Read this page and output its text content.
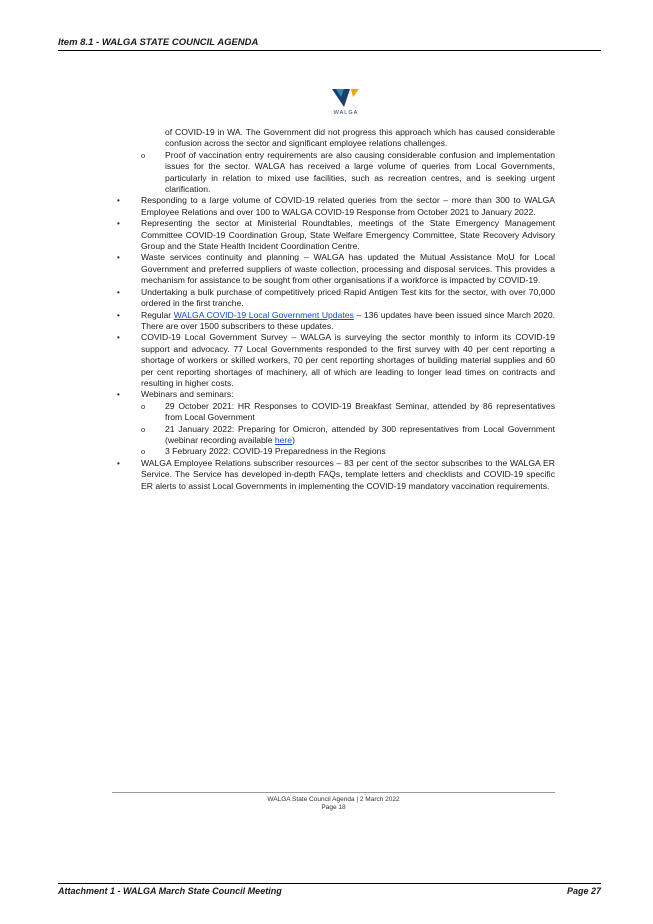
Item 8.1 - WALGA STATE COUNCIL AGENDA
WALGA
of COVID-19 in WA. The Government did not progress this approach which has caused considerable confusion across the sector and significant employee relations challenges.
o Proof of vaccination entry requirements are also causing considerable confusion and implementation issues for the sector. WALGA has received a large volume of queries from Local Governments, particularly in relation to mixed use facilities, such as recreation centres, and is seeking urgent clarification.
• Responding to a large volume of COVID-19 related queries from the sector – more than 300 to WALGA Employee Relations and over 100 to WALGA COVID-19 Response from October 2021 to January 2022.
• Representing the sector at Ministerial Roundtables, meetings of the State Emergency Management Committee COVID-19 Coordination Group, State Welfare Emergency Committee, State Recovery Advisory Group and the State Health Incident Coordination Centre.
• Waste services continuity and planning – WALGA has updated the Mutual Assistance MoU for Local Government and preferred suppliers of waste collection, processing and disposal services. This provides a mechanism for assistance to be sought from other organisations if a workforce is impacted by COVID-19.
• Undertaking a bulk purchase of competitively priced Rapid Antigen Test kits for the sector, with over 70,000 ordered in the first tranche.
• Regular WALGA COVID-19 Local Government Updates – 136 updates have been issued since March 2020. There are over 1500 subscribers to these updates.
• COVID-19 Local Government Survey – WALGA is surveying the sector monthly to inform its COVID-19 support and advocacy. 77 Local Governments responded to the first survey with 40 per cent reporting a shortage of workers or skilled workers, 70 per cent reporting shortages of building material supplies and 60 per cent reporting shortages of machinery, all of which are leading to longer lead times on contracts and resulting in higher costs.
• Webinars and seminars:
o 29 October 2021: HR Responses to COVID-19 Breakfast Seminar, attended by 86 representatives from Local Government
o 21 January 2022: Preparing for Omicron, attended by 300 representatives from Local Government (webinar recording available here)
o 3 February 2022: COVID-19 Preparedness in the Regions
• WALGA Employee Relations subscriber resources – 83 per cent of the sector subscribes to the WALGA ER Service. The Service has developed in-depth FAQs, template letters and checklists and COVID-19 specific ER alerts to assist Local Governments in implementing the COVID-19 mandatory vaccination requirements.
WALGA State Council Agenda | 2 March 2022
Page 18
Attachment 1 - WALGA March State Council Meeting	Page 27
